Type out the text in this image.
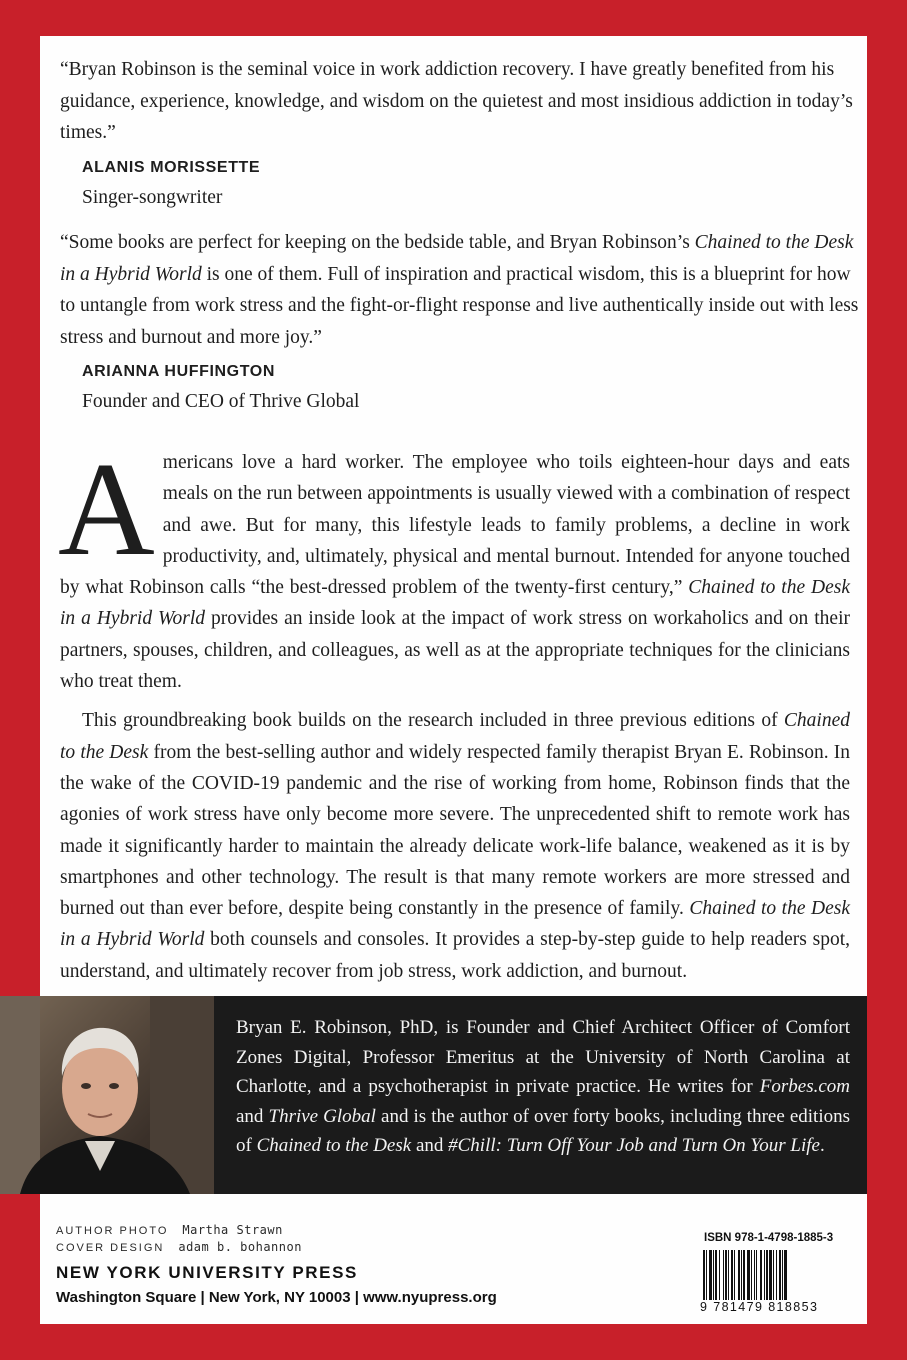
“Bryan Robinson is the seminal voice in work addiction recovery. I have greatly benefited from his guidance, experience, knowledge, and wisdom on the quietest and most insidious addiction in today’s times.”

ALANIS MORISSETTE
Singer-songwriter

“Some books are perfect for keeping on the bedside table, and Bryan Robinson’s Chained to the Desk in a Hybrid World is one of them. Full of inspiration and practical wisdom, this is a blueprint for how to untangle from work stress and the fight-or-flight response and live authentically inside out with less stress and burnout and more joy.”

ARIANNA HUFFINGTON
Founder and CEO of Thrive Global

Americans love a hard worker. The employee who toils eighteen-hour days and eats meals on the run between appointments is usually viewed with a combination of respect and awe. But for many, this lifestyle leads to family problems, a decline in work productivity, and, ultimately, physical and mental burnout. Intended for anyone touched by what Robinson calls “the best-dressed problem of the twenty-first century,” Chained to the Desk in a Hybrid World provides an inside look at the impact of work stress on workaholics and on their partners, spouses, children, and colleagues, as well as at the appropriate techniques for the clinicians who treat them.

This groundbreaking book builds on the research included in three previous editions of Chained to the Desk from the best-selling author and widely respected family therapist Bryan E. Robinson. In the wake of the COVID-19 pandemic and the rise of working from home, Robinson finds that the agonies of work stress have only become more severe. The unprecedented shift to remote work has made it significantly harder to maintain the already delicate work-life balance, weakened as it is by smartphones and other technology. The result is that many remote workers are more stressed and burned out than ever before, despite being constantly in the presence of family. Chained to the Desk in a Hybrid World both counsels and consoles. It provides a step-by-step guide to help readers spot, understand, and ultimately recover from job stress, work addiction, and burnout.

Bryan E. Robinson, PhD, is Founder and Chief Architect Officer of Comfort Zones Digital, Professor Emeritus at the University of North Carolina at Charlotte, and a psychotherapist in private practice. He writes for Forbes.com and Thrive Global and is the author of over forty books, including three editions of Chained to the Desk and #Chill: Turn Off Your Job and Turn On Your Life.
AUTHOR PHOTO Martha Strawn
COVER DESIGN adam b. bohannon
NEW YORK UNIVERSITY PRESS
Washington Square | New York, NY 10003 | www.nyupress.org
ISBN 978-1-4798-1885-3
9 781479 818853
